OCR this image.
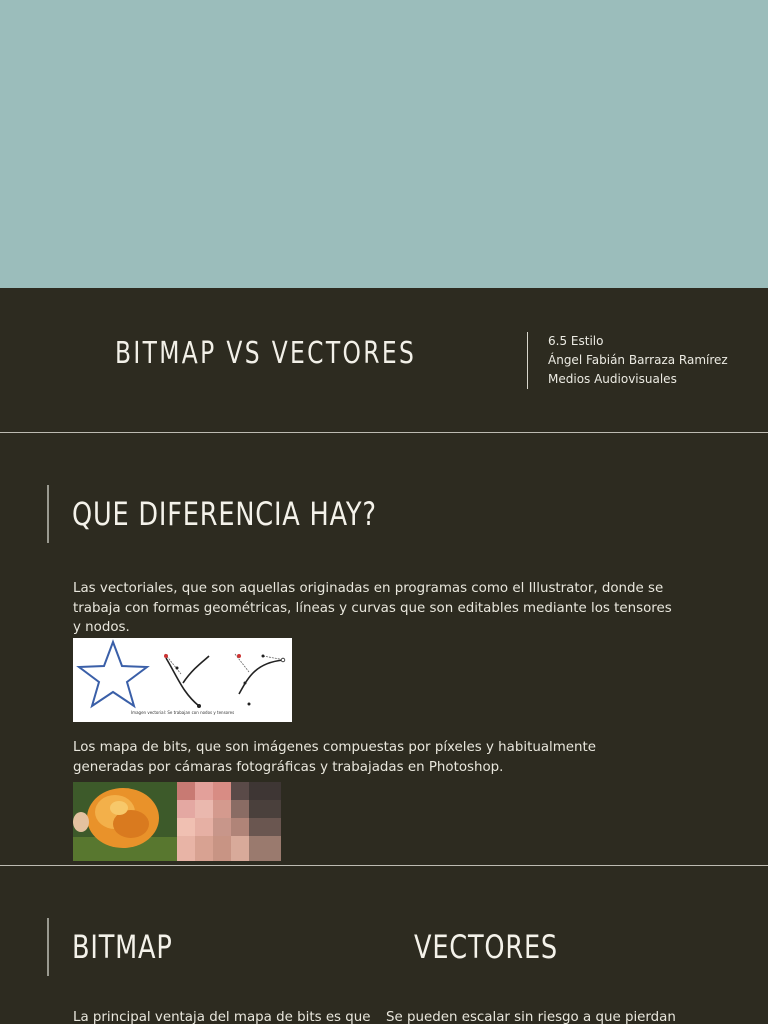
BITMAP VS VECTORES	6.5 Estilo
Ángel Fabián Barraza Ramírez
Medios Audiovisuales
QUE DIFERENCIA HAY?
Las vectoriales, que son aquellas originadas en programas como el Illustrator, donde se trabaja con formas geométricas, líneas y curvas que son editables mediante los tensores y nodos.
Imagen vectorial: Se trabajan con nodos y tensores
Los mapa de bits, que son imágenes compuestas por píxeles y habitualmente generadas por cámaras fotográficas y trabajadas en Photoshop.
BITMAP	VECTORES
La principal ventaja del mapa de bits es que Se pueden escalar sin riesgo a que pierdan
